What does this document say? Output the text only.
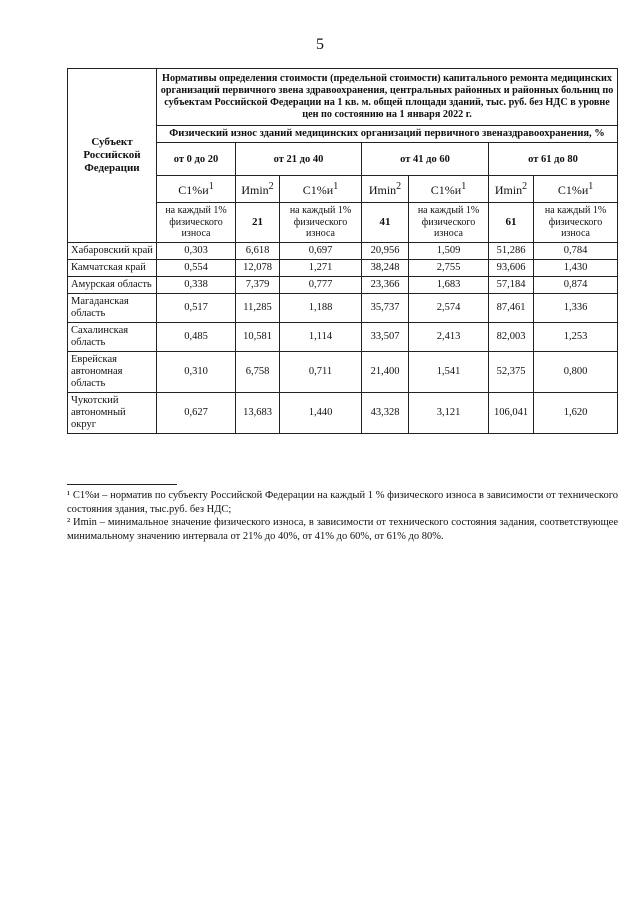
5
Субъект Российской Федерации	Нормативы определения стоимости (предельной стоимости) капитального ремонта медицинских организаций первичного звена здравоохранения, центральных районных и районных больниц по субъектам Российской Федерации на 1 кв. м. общей площади зданий, тыс. руб. без НДС в уровне цен по состоянию на 1 января 2022 г.						
	Физический износ зданий медицинских организаций первичного звеназдравоохранения, %						
	от 0 до 20	от 21 до 40		от 41 до 60		от 61 до 80	
	$С1\%и^1$	Иmin$^2$	$С1\%и^1$	Иmin$^2$	$С1\%и^1$	Иmin$^2$	$С1\%и^1$
	на каждый 1% физического износа	21	на каждый 1% физического износа	41	на каждый 1% физического износа	61	на каждый 1% физического износа
Хабаровский край	0,303	6,618	0,697	20,956	1,509	51,286	0,784
Камчатская край	0,554	12,078	1,271	38,248	2,755	93,606	1,430
Амурская область	0,338	7,379	0,777	23,366	1,683	57,184	0,874
Магаданская область	0,517	11,285	1,188	35,737	2,574	87,461	1,336
Сахалинская область	0,485	10,581	1,114	33,507	2,413	82,003	1,253
Еврейская автономная область	0,310	6,758	0,711	21,400	1,541	52,375	0,800
Чукотский автономный округ	0,627	13,683	1,440	43,328	3,121	106,041	1,620

¹ С1%и – норматив по субъекту Российской Федерации на каждый 1 % физического износа в зависимости от технического состояния здания, тыс.руб. без НДС;

² Иmin – минимальное значение физического износа, в зависимости от технического состояния задания, соответствующее минимальному значению интервала от 21% до 40%, от 41% до 60%, от 61% до 80%.
